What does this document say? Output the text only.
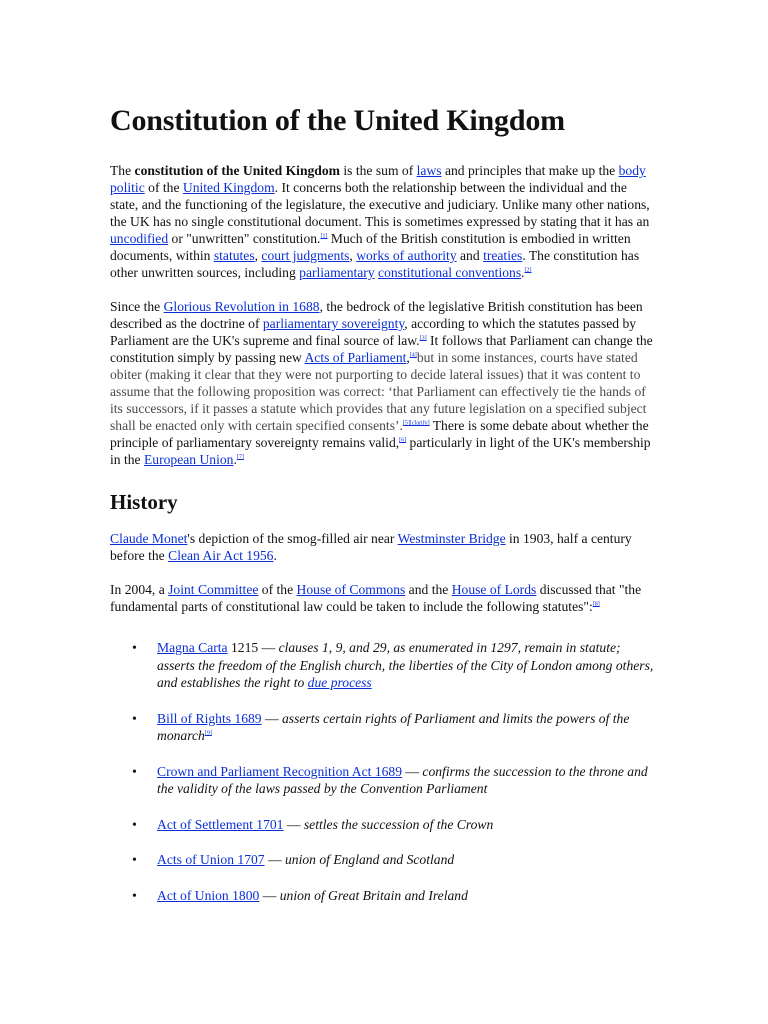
Constitution of the United Kingdom

The constitution of the United Kingdom is the sum of laws and principles that make up the body politic of the United Kingdom. It concerns both the relationship between the individual and the state, and the functioning of the legislature, the executive and judiciary. Unlike many other nations, the UK has no single constitutional document. This is sometimes expressed by stating that it has an uncodified or "unwritten" constitution.[1] Much of the British constitution is embodied in written documents, within statutes, court judgments, works of authority and treaties. The constitution has other unwritten sources, including parliamentary constitutional conventions.[2]

Since the Glorious Revolution in 1688, the bedrock of the legislative British constitution has been described as the doctrine of parliamentary sovereignty, according to which the statutes passed by Parliament are the UK's supreme and final source of law.[3] It follows that Parliament can change the constitution simply by passing new Acts of Parliament,[4]but in some instances, courts have stated obiter (making it clear that they were not purporting to decide lateral issues) that it was content to assume that the following proposition was correct: ‘that Parliament can effectively tie the hands of its successors, if it passes a statute which provides that any future legislation on a specified subject shall be enacted only with certain specified consents’.[5][clarify] There is some debate about whether the principle of parliamentary sovereignty remains valid,[6] particularly in light of the UK's membership in the European Union.[7]

History

Claude Monet's depiction of the smog-filled air near Westminster Bridge in 1903, half a century before the Clean Air Act 1956.

In 2004, a Joint Committee of the House of Commons and the House of Lords discussed that "the fundamental parts of constitutional law could be taken to include the following statutes":[8]

• Magna Carta 1215 — clauses 1, 9, and 29, as enumerated in 1297, remain in statute; asserts the freedom of the English church, the liberties of the City of London among others, and establishes the right to due process
• Bill of Rights 1689 — asserts certain rights of Parliament and limits the powers of the monarch[9]
• Crown and Parliament Recognition Act 1689 — confirms the succession to the throne and the validity of the laws passed by the Convention Parliament
• Act of Settlement 1701 — settles the succession of the Crown
• Acts of Union 1707 — union of England and Scotland
• Act of Union 1800 — union of Great Britain and Ireland
